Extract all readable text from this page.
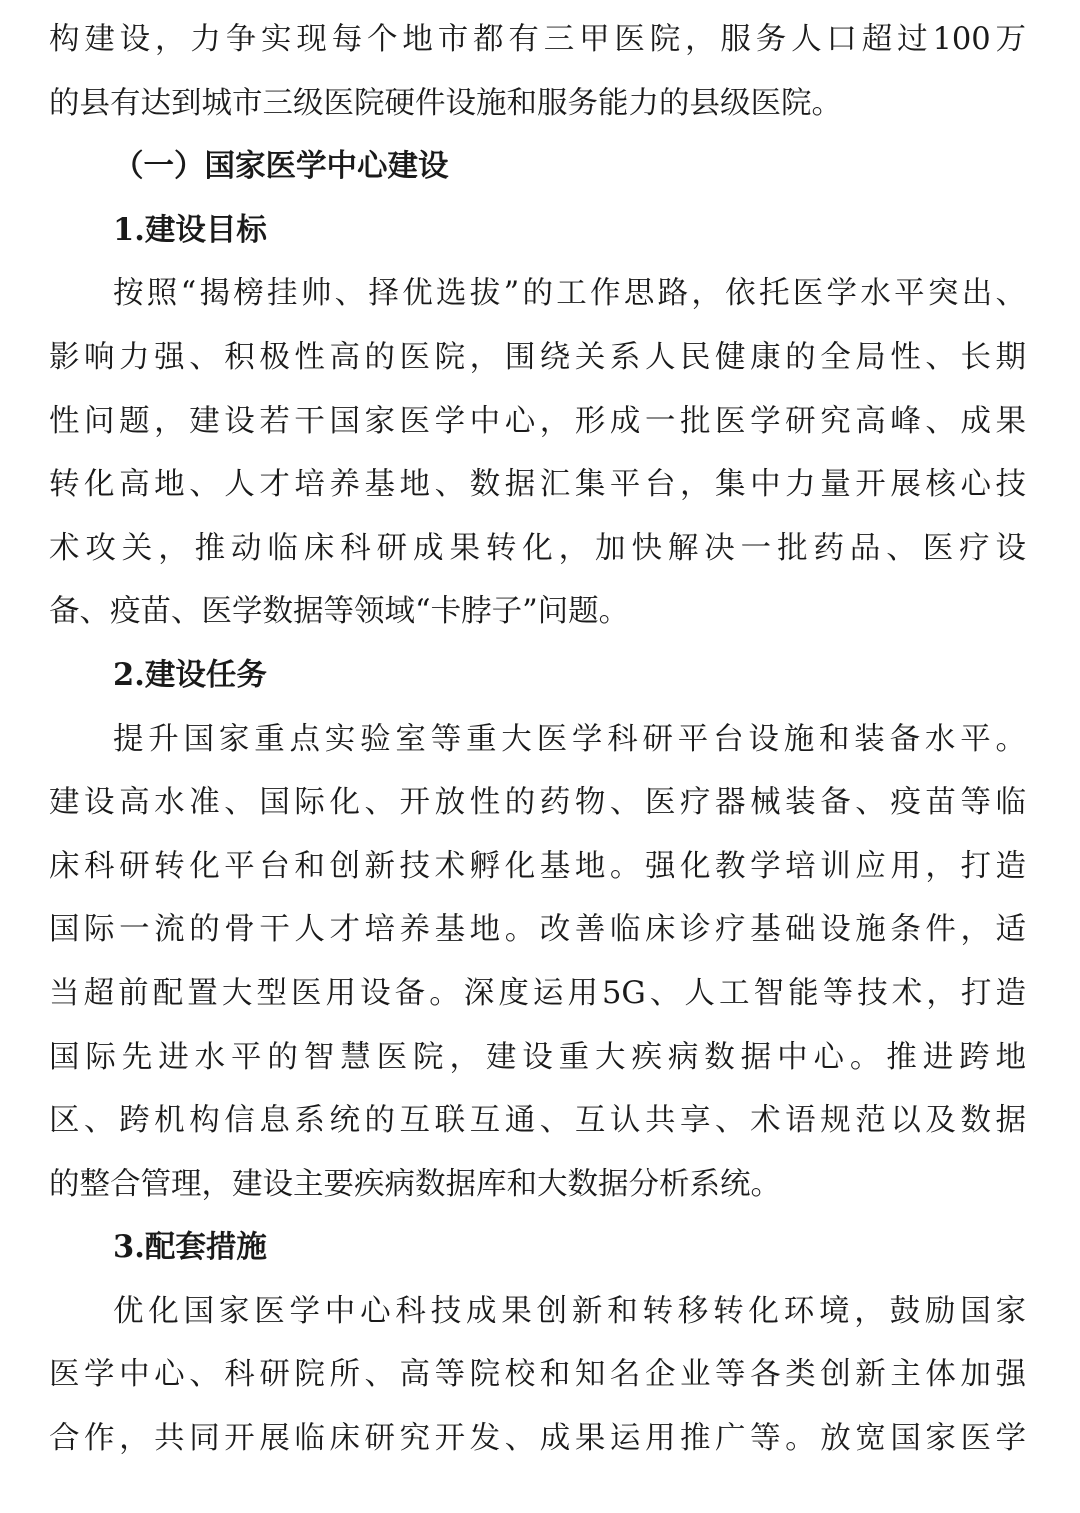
构建设，力争实现每个地市都有三甲医院，服务人口超过100万
的县有达到城市三级医院硬件设施和服务能力的县级医院。
（一）国家医学中心建设
1.建设目标
按照“揭榜挂帅、择优选拔”的工作思路，依托医学水平突出、
影响力强、积极性高的医院，围绕关系人民健康的全局性、长期
性问题，建设若干国家医学中心，形成一批医学研究高峰、成果
转化高地、人才培养基地、数据汇集平台，集中力量开展核心技
术攻关，推动临床科研成果转化，加快解决一批药品、医疗设
备、疫苗、医学数据等领域“卡脖子”问题。
2.建设任务
提升国家重点实验室等重大医学科研平台设施和装备水平。
建设高水准、国际化、开放性的药物、医疗器械装备、疫苗等临
床科研转化平台和创新技术孵化基地。强化教学培训应用，打造
国际一流的骨干人才培养基地。改善临床诊疗基础设施条件，适
当超前配置大型医用设备。深度运用5G、人工智能等技术，打造
国际先进水平的智慧医院，建设重大疾病数据中心。推进跨地
区、跨机构信息系统的互联互通、互认共享、术语规范以及数据
的整合管理，建设主要疾病数据库和大数据分析系统。
3.配套措施
优化国家医学中心科技成果创新和转移转化环境，鼓励国家
医学中心、科研院所、高等院校和知名企业等各类创新主体加强
合作，共同开展临床研究开发、成果运用推广等。放宽国家医学
